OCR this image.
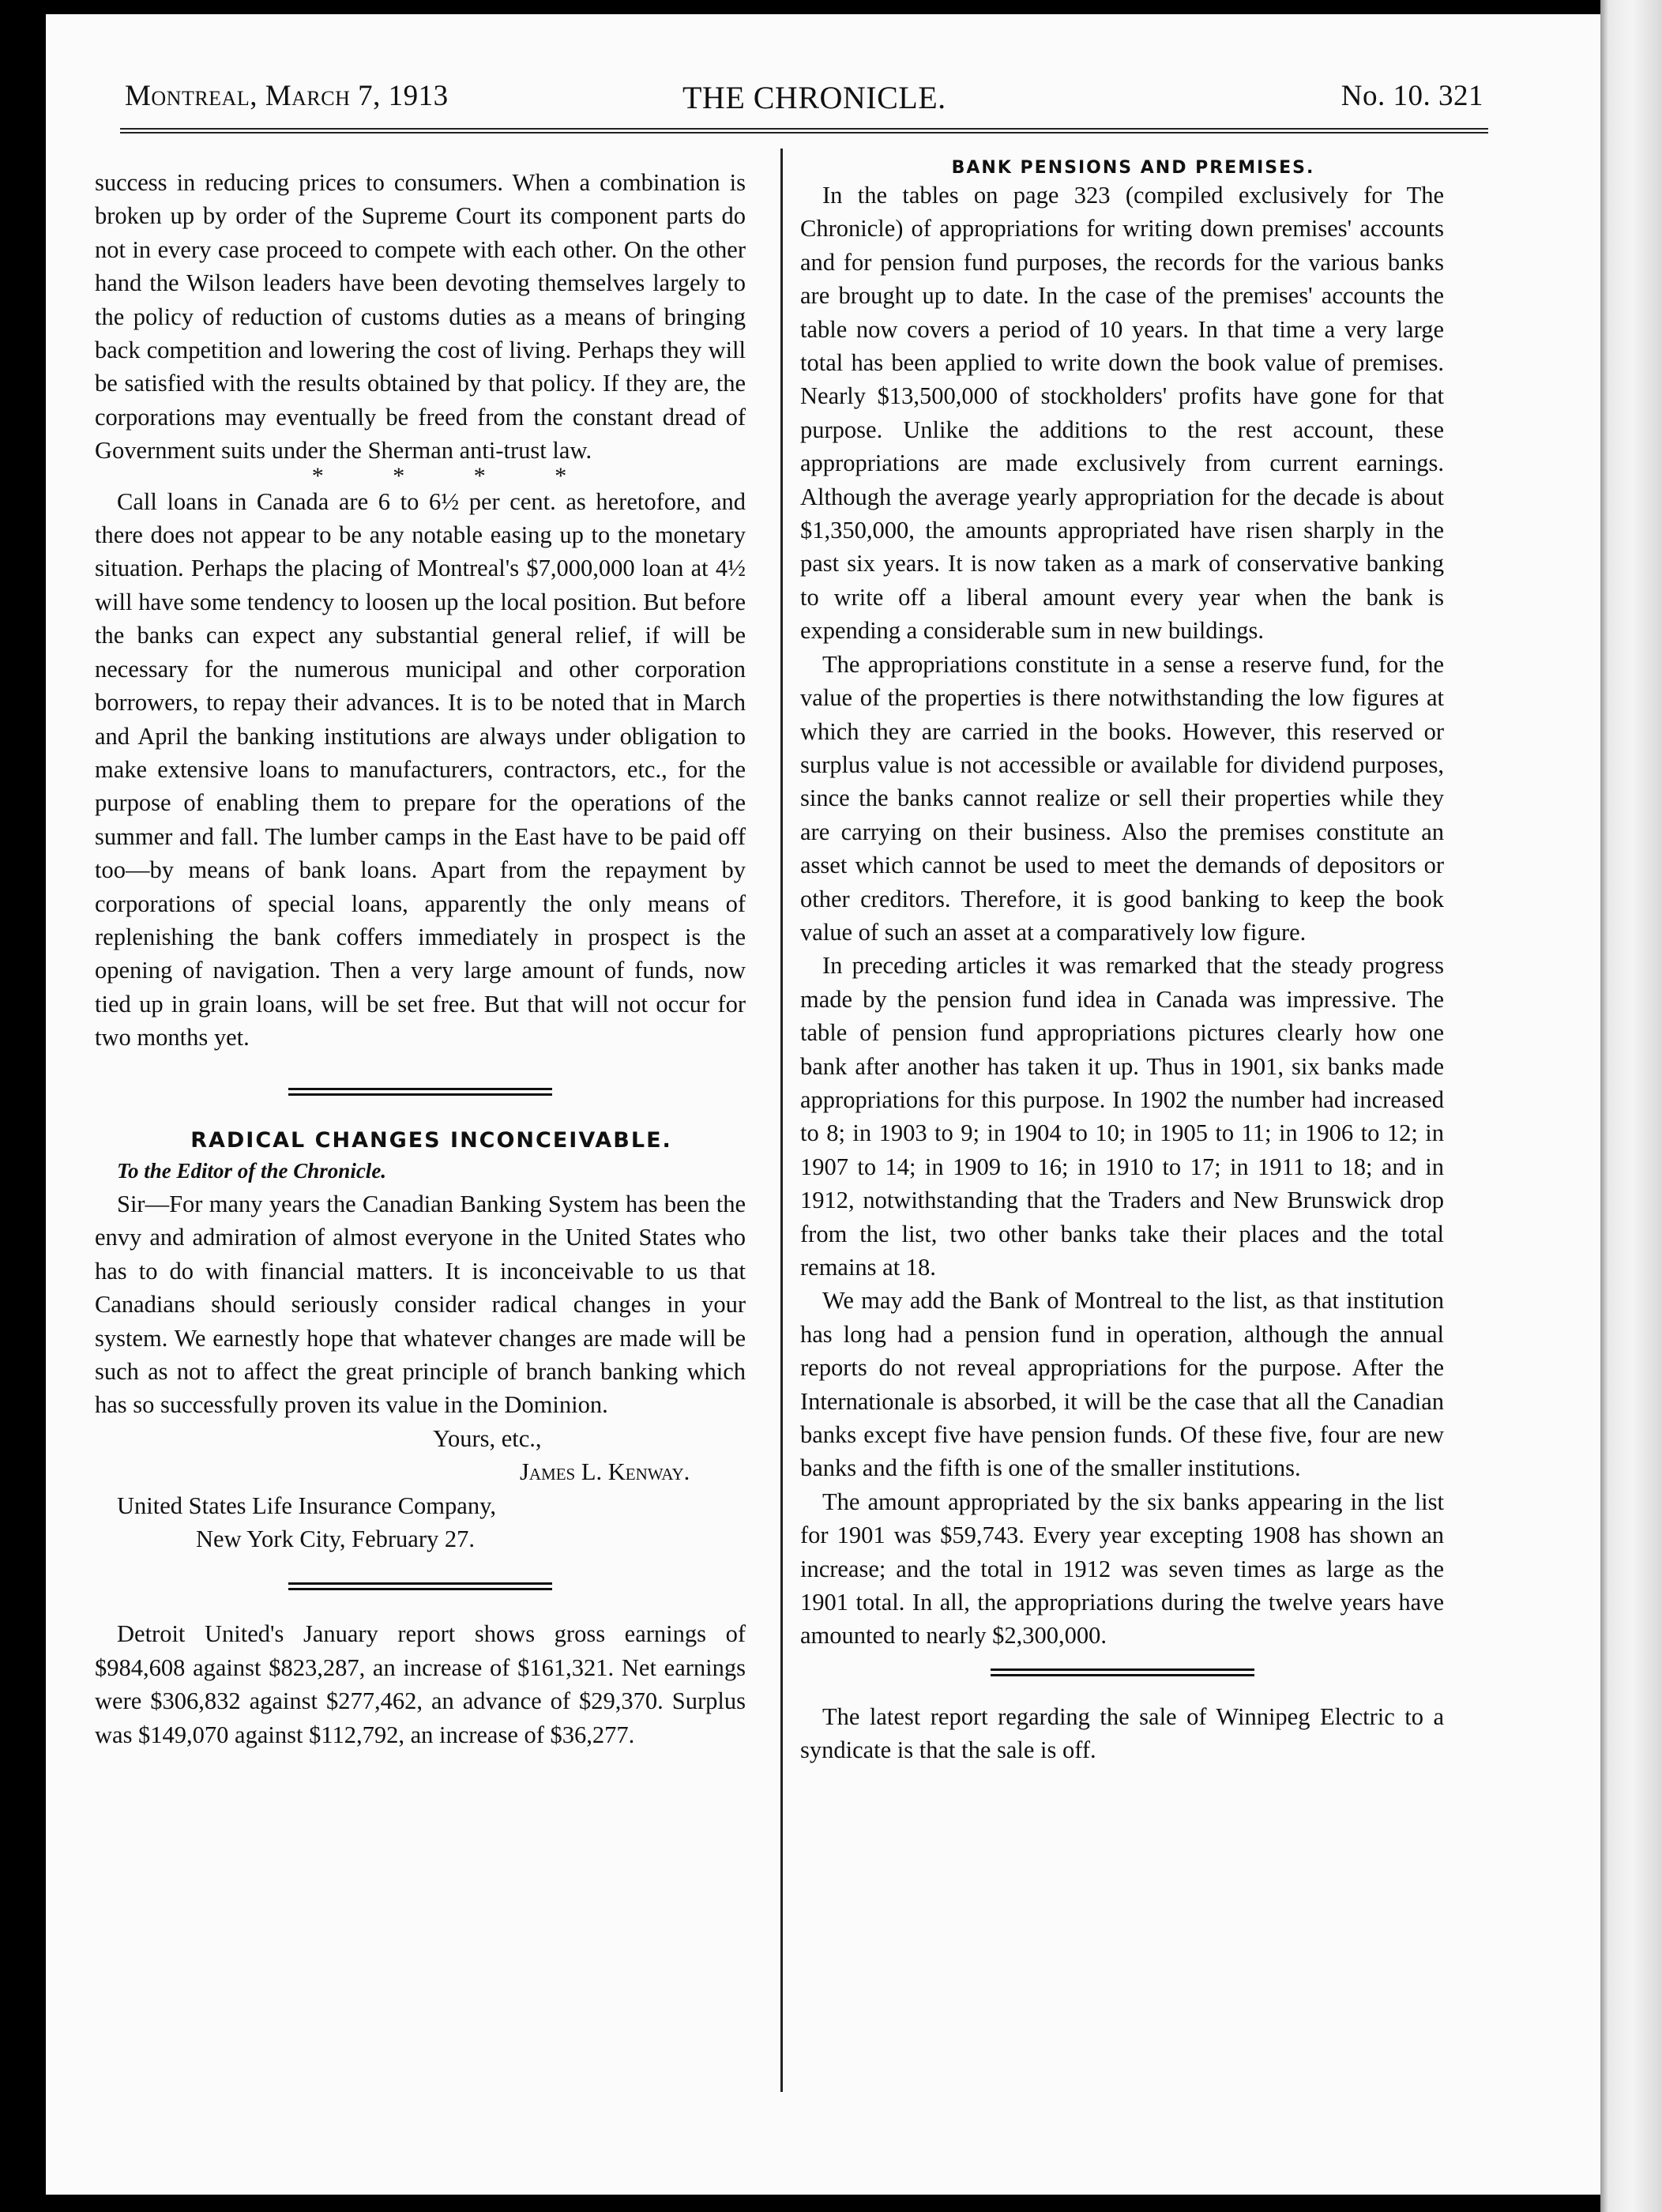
Montreal, March 7, 1913	THE CHRONICLE.	No. 10. 321

success in reducing prices to consumers. When a combination is broken up by order of the Supreme Court its component parts do not in every case proceed to compete with each other. On the other hand the Wilson leaders have been devoting themselves largely to the policy of reduction of customs duties as a means of bringing back competition and lowering the cost of living. Perhaps they will be satisfied with the results obtained by that policy. If they are, the corporations may eventually be freed from the constant dread of Government suits under the Sherman anti-trust law.

* * * *

Call loans in Canada are 6 to 6½ per cent. as heretofore, and there does not appear to be any notable easing up to the monetary situation. Perhaps the placing of Montreal's $7,000,000 loan at 4½ will have some tendency to loosen up the local position. But before the banks can expect any substantial general relief, if will be necessary for the numerous municipal and other corporation borrowers, to repay their advances. It is to be noted that in March and April the banking institutions are always under obligation to make extensive loans to manufacturers, contractors, etc., for the purpose of enabling them to prepare for the operations of the summer and fall. The lumber camps in the East have to be paid off too—by means of bank loans. Apart from the repayment by corporations of special loans, apparently the only means of replenishing the bank coffers immediately in prospect is the opening of navigation. Then a very large amount of funds, now tied up in grain loans, will be set free. But that will not occur for two months yet.

RADICAL CHANGES INCONCEIVABLE.

To the Editor of the Chronicle.

Sir—For many years the Canadian Banking System has been the envy and admiration of almost everyone in the United States who has to do with financial matters. It is inconceivable to us that Canadians should seriously consider radical changes in your system. We earnestly hope that whatever changes are made will be such as not to affect the great principle of branch banking which has so successfully proven its value in the Dominion.

Yours, etc.,

James L. Kenway.

United States Life Insurance Company,

New York City, February 27.

Detroit United's January report shows gross earnings of $984,608 against $823,287, an increase of $161,321. Net earnings were $306,832 against $277,462, an advance of $29,370. Surplus was $149,070 against $112,792, an increase of $36,277.

BANK PENSIONS AND PREMISES.

In the tables on page 323 (compiled exclusively for The Chronicle) of appropriations for writing down premises' accounts and for pension fund purposes, the records for the various banks are brought up to date. In the case of the premises' accounts the table now covers a period of 10 years. In that time a very large total has been applied to write down the book value of premises. Nearly $13,500,000 of stockholders' profits have gone for that purpose. Unlike the additions to the rest account, these appropriations are made exclusively from current earnings. Although the average yearly appropriation for the decade is about $1,350,000, the amounts appropriated have risen sharply in the past six years. It is now taken as a mark of conservative banking to write off a liberal amount every year when the bank is expending a considerable sum in new buildings.

The appropriations constitute in a sense a reserve fund, for the value of the properties is there notwithstanding the low figures at which they are carried in the books. However, this reserved or surplus value is not accessible or available for dividend purposes, since the banks cannot realize or sell their properties while they are carrying on their business. Also the premises constitute an asset which cannot be used to meet the demands of depositors or other creditors. Therefore, it is good banking to keep the book value of such an asset at a comparatively low figure.

In preceding articles it was remarked that the steady progress made by the pension fund idea in Canada was impressive. The table of pension fund appropriations pictures clearly how one bank after another has taken it up. Thus in 1901, six banks made appropriations for this purpose. In 1902 the number had increased to 8; in 1903 to 9; in 1904 to 10; in 1905 to 11; in 1906 to 12; in 1907 to 14; in 1909 to 16; in 1910 to 17; in 1911 to 18; and in 1912, notwithstanding that the Traders and New Brunswick drop from the list, two other banks take their places and the total remains at 18.

We may add the Bank of Montreal to the list, as that institution has long had a pension fund in operation, although the annual reports do not reveal appropriations for the purpose. After the Internationale is absorbed, it will be the case that all the Canadian banks except five have pension funds. Of these five, four are new banks and the fifth is one of the smaller institutions.

The amount appropriated by the six banks appearing in the list for 1901 was $59,743. Every year excepting 1908 has shown an increase; and the total in 1912 was seven times as large as the 1901 total. In all, the appropriations during the twelve years have amounted to nearly $2,300,000.

The latest report regarding the sale of Winnipeg Electric to a syndicate is that the sale is off.
